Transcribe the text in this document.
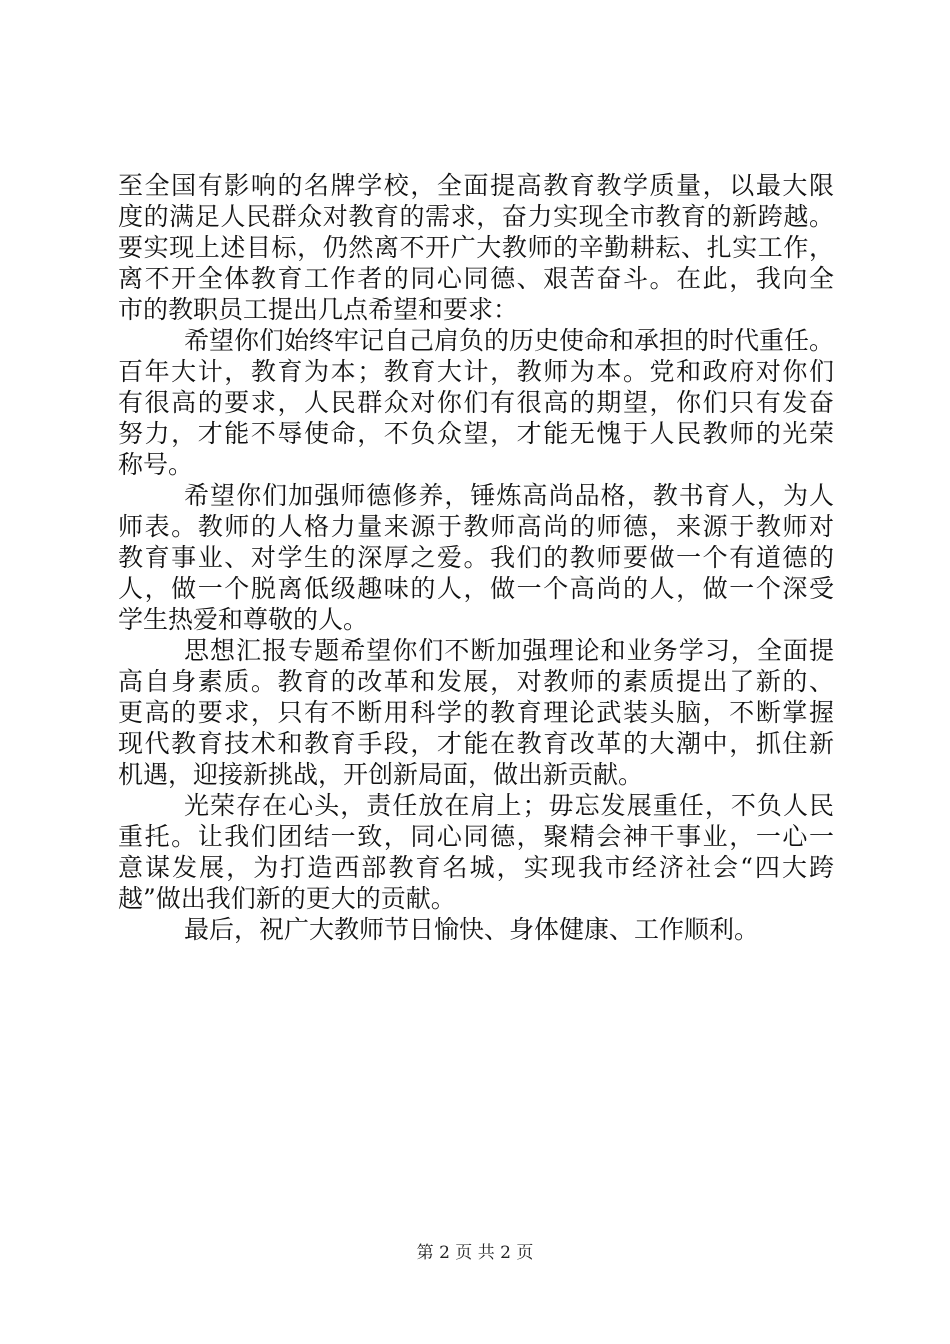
至全国有影响的名牌学校，全面提高教育教学质量，以最大限
度的满足人民群众对教育的需求，奋力实现全市教育的新跨越。
要实现上述目标，仍然离不开广大教师的辛勤耕耘、扎实工作，
离不开全体教育工作者的同心同德、艰苦奋斗。在此，我向全
市的教职员工提出几点希望和要求：
希望你们始终牢记自己肩负的历史使命和承担的时代重任。
百年大计，教育为本；教育大计，教师为本。党和政府对你们
有很高的要求，人民群众对你们有很高的期望，你们只有发奋
努力，才能不辱使命，不负众望，才能无愧于人民教师的光荣
称号。
希望你们加强师德修养，锤炼高尚品格，教书育人，为人
师表。教师的人格力量来源于教师高尚的师德，来源于教师对
教育事业、对学生的深厚之爱。我们的教师要做一个有道德的
人，做一个脱离低级趣味的人，做一个高尚的人，做一个深受
学生热爱和尊敬的人。
思想汇报专题希望你们不断加强理论和业务学习，全面提
高自身素质。教育的改革和发展，对教师的素质提出了新的、
更高的要求，只有不断用科学的教育理论武装头脑，不断掌握
现代教育技术和教育手段，才能在教育改革的大潮中，抓住新
机遇，迎接新挑战，开创新局面，做出新贡献。
光荣存在心头，责任放在肩上；毋忘发展重任，不负人民
重托。让我们团结一致，同心同德，聚精会神干事业，一心一
意谋发展，为打造西部教育名城，实现我市经济社会“四大跨
越”做出我们新的更大的贡献。
最后，祝广大教师节日愉快、身体健康、工作顺利。
第 2 页 共 2 页
